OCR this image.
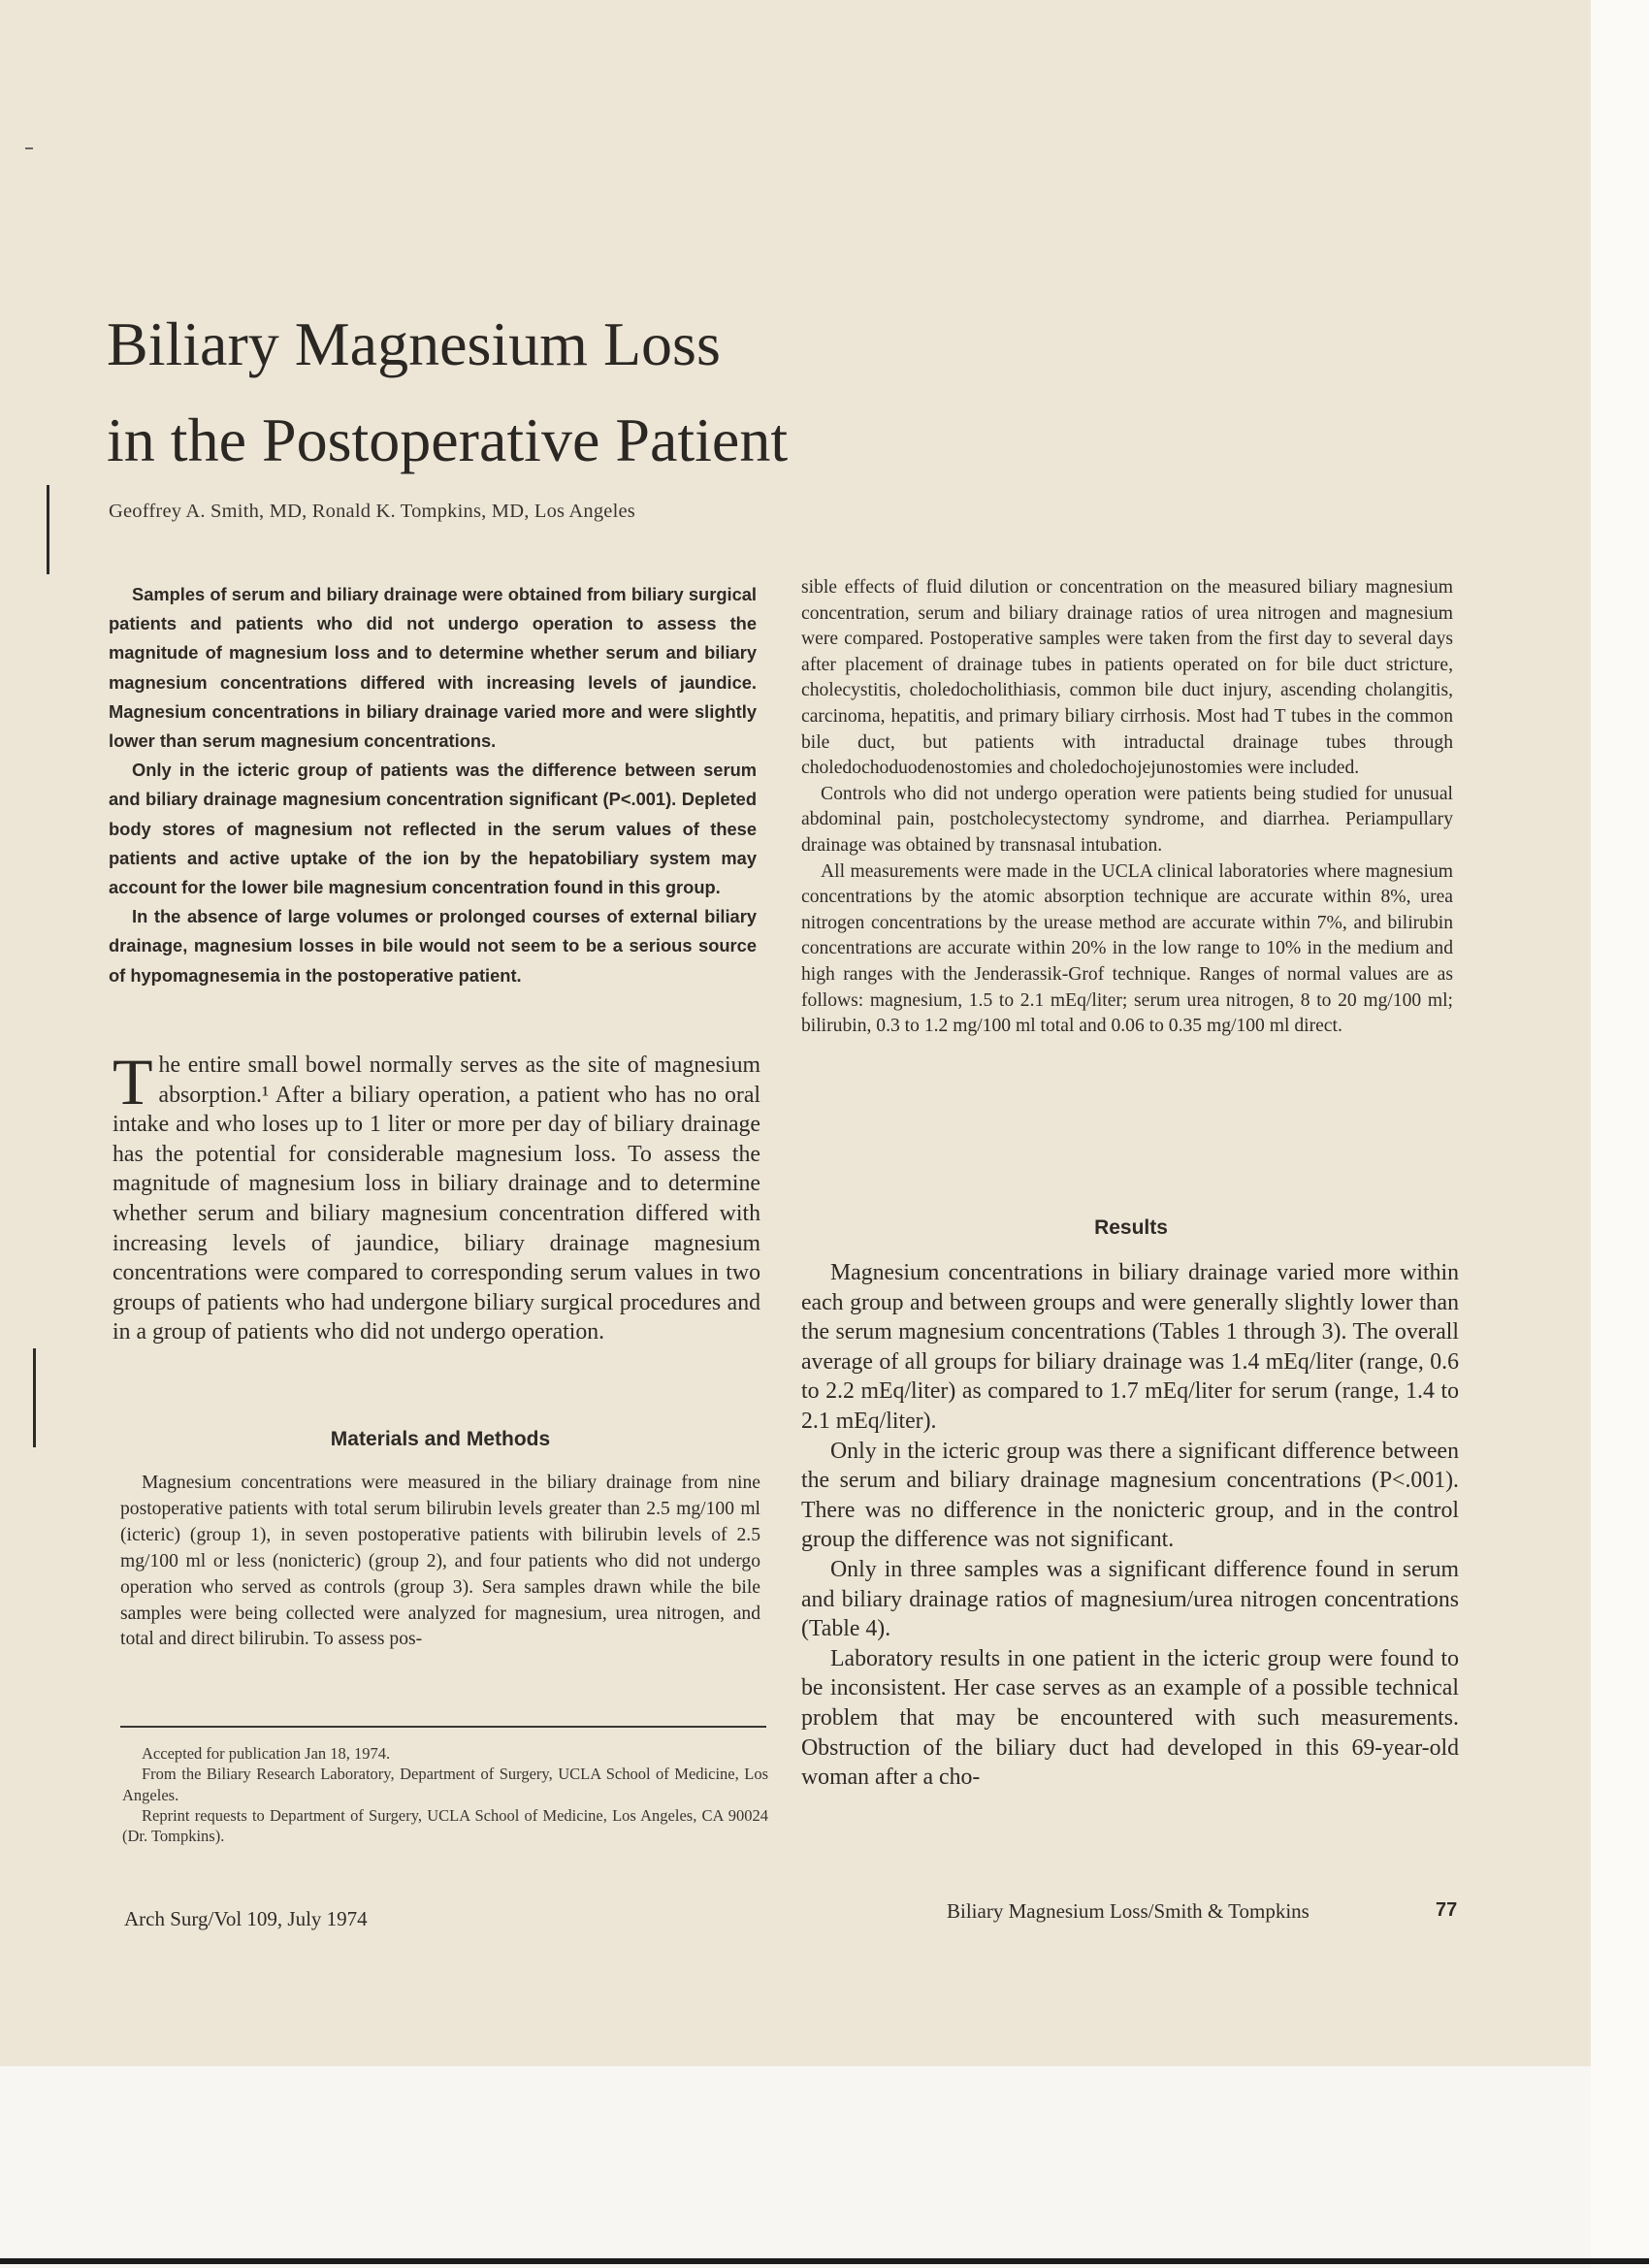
Biliary Magnesium Loss
in the Postoperative Patient
Geoffrey A. Smith, MD, Ronald K. Tompkins, MD, Los Angeles

Samples of serum and biliary drainage were obtained from biliary surgical patients and patients who did not undergo operation to assess the magnitude of magnesium loss and to determine whether serum and biliary magnesium concentrations differed with increasing levels of jaundice. Magnesium concentrations in biliary drainage varied more and were slightly lower than serum magnesium concentrations.

Only in the icteric group of patients was the difference between serum and biliary drainage magnesium concentration significant (P<.001). Depleted body stores of magnesium not reflected in the serum values of these patients and active uptake of the ion by the hepatobiliary system may account for the lower bile magnesium concentration found in this group.

In the absence of large volumes or prolonged courses of external biliary drainage, magnesium losses in bile would not seem to be a serious source of hypomagnesemia in the postoperative patient.

The entire small bowel normally serves as the site of magnesium absorption.¹ After a biliary operation, a patient who has no oral intake and who loses up to 1 liter or more per day of biliary drainage has the potential for considerable magnesium loss. To assess the magnitude of magnesium loss in biliary drainage and to determine whether serum and biliary magnesium concentration differed with increasing levels of jaundice, biliary drainage magnesium concentrations were compared to corresponding serum values in two groups of patients who had undergone biliary surgical procedures and in a group of patients who did not undergo operation.

Materials and Methods

Magnesium concentrations were measured in the biliary drainage from nine postoperative patients with total serum bilirubin levels greater than 2.5 mg/100 ml (icteric) (group 1), in seven postoperative patients with bilirubin levels of 2.5 mg/100 ml or less (nonicteric) (group 2), and four patients who did not undergo operation who served as controls (group 3). Sera samples drawn while the bile samples were being collected were analyzed for magnesium, urea nitrogen, and total and direct bilirubin. To assess pos-

Accepted for publication Jan 18, 1974.

From the Biliary Research Laboratory, Department of Surgery, UCLA School of Medicine, Los Angeles.

Reprint requests to Department of Surgery, UCLA School of Medicine, Los Angeles, CA 90024 (Dr. Tompkins).

sible effects of fluid dilution or concentration on the measured biliary magnesium concentration, serum and biliary drainage ratios of urea nitrogen and magnesium were compared. Postoperative samples were taken from the first day to several days after placement of drainage tubes in patients operated on for bile duct stricture, cholecystitis, choledocholithiasis, common bile duct injury, ascending cholangitis, carcinoma, hepatitis, and primary biliary cirrhosis. Most had T tubes in the common bile duct, but patients with intraductal drainage tubes through choledochoduodenostomies and choledochojejunostomies were included.

Controls who did not undergo operation were patients being studied for unusual abdominal pain, postcholecystectomy syndrome, and diarrhea. Periampullary drainage was obtained by transnasal intubation.

All measurements were made in the UCLA clinical laboratories where magnesium concentrations by the atomic absorption technique are accurate within 8%, urea nitrogen concentrations by the urease method are accurate within 7%, and bilirubin concentrations are accurate within 20% in the low range to 10% in the medium and high ranges with the Jenderassik-Grof technique. Ranges of normal values are as follows: magnesium, 1.5 to 2.1 mEq/liter; serum urea nitrogen, 8 to 20 mg/100 ml; bilirubin, 0.3 to 1.2 mg/100 ml total and 0.06 to 0.35 mg/100 ml direct.

Results

Magnesium concentrations in biliary drainage varied more within each group and between groups and were generally slightly lower than the serum magnesium concentrations (Tables 1 through 3). The overall average of all groups for biliary drainage was 1.4 mEq/liter (range, 0.6 to 2.2 mEq/liter) as compared to 1.7 mEq/liter for serum (range, 1.4 to 2.1 mEq/liter).

Only in the icteric group was there a significant difference between the serum and biliary drainage magnesium concentrations (P<.001). There was no difference in the nonicteric group, and in the control group the difference was not significant.

Only in three samples was a significant difference found in serum and biliary drainage ratios of magnesium/urea nitrogen concentrations (Table 4).

Laboratory results in one patient in the icteric group were found to be inconsistent. Her case serves as an example of a possible technical problem that may be encountered with such measurements. Obstruction of the biliary duct had developed in this 69-year-old woman after a cho-

Arch Surg/Vol 109, July 1974	Biliary Magnesium Loss/Smith & Tompkins	77
